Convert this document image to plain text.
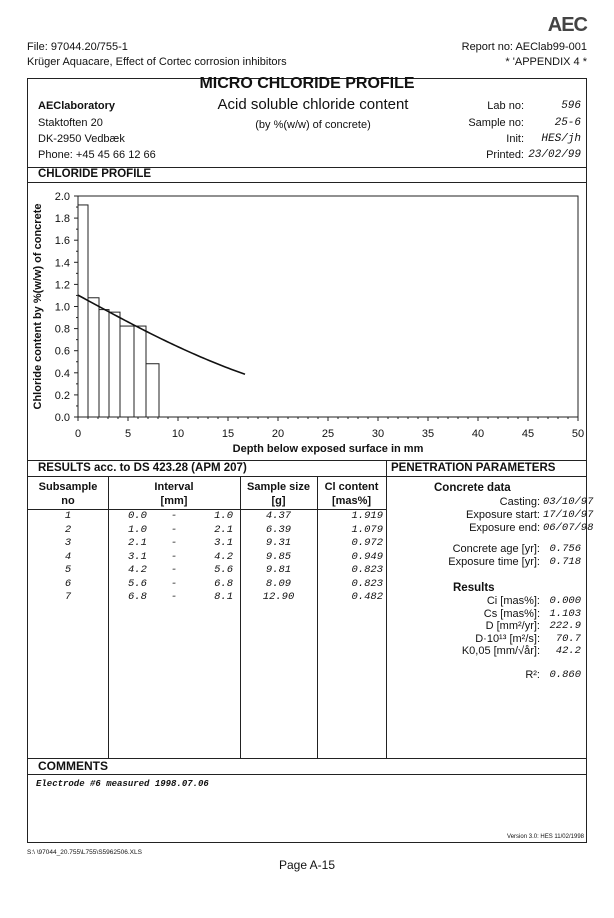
AEC
File: 97044.20/755-1
Krüger Aquacare, Effect of Cortec corrosion inhibitors
Report no: AEClab99-001
* 'APPENDIX 4 *
MICRO CHLORIDE PROFILE
Acid soluble chloride content
(by %(w/w) of concrete)
AEClaboratory
Staktoften 20
DK-2950 Vedbæk
Phone: +45 45 66 12 66
Lab no:	596
Sample no:	25-6
Init:	HES/jh
Printed: 23/02/99
CHLORIDE PROFILE
0.0
0.2
0.4
0.6
0.8
1.0
1.2
1.4
1.6
1.8
2.0
0	5	10	15	20	25	30	35	40	45	50
Depth below exposed surface in mm
Chloride content by %(w/w) of concrete
RESULTS acc. to DS 423.28 (APM 207)	PENETRATION PARAMETERS
Subsample
no
Interval
[mm]
Sample size
[g]
Cl content
[mas%]
1	0.0	-	1.0	4.37	1.919
2	1.0	-	2.1	6.39	1.079
3	2.1	-	3.1	9.31	0.972
4	3.1	-	4.2	9.85	0.949
5	4.2	-	5.6	9.81	0.823
6	5.6	-	6.8	8.09	0.823
7	6.8	-	8.1	12.90	0.482
Concrete data
Casting: 03/10/97
Exposure start: 17/10/97
Exposure end: 06/07/98
Concrete age [yr]: 0.756
Exposure time [yr]: 0.718
Results
Ci [mas%]: 0.000
Cs [mas%]: 1.103
D [mm²/yr]: 222.9
D·10¹³ [m²/s]:	70.7
K0,05 [mm/√år]:	42.2
R²: 0.860
COMMENTS
Electrode #6 measured 1998.07.06
Version 3.0: HES 11/02/1998
S:\ \97044_20.755\L755\S5962506.XLS
Page A-15
